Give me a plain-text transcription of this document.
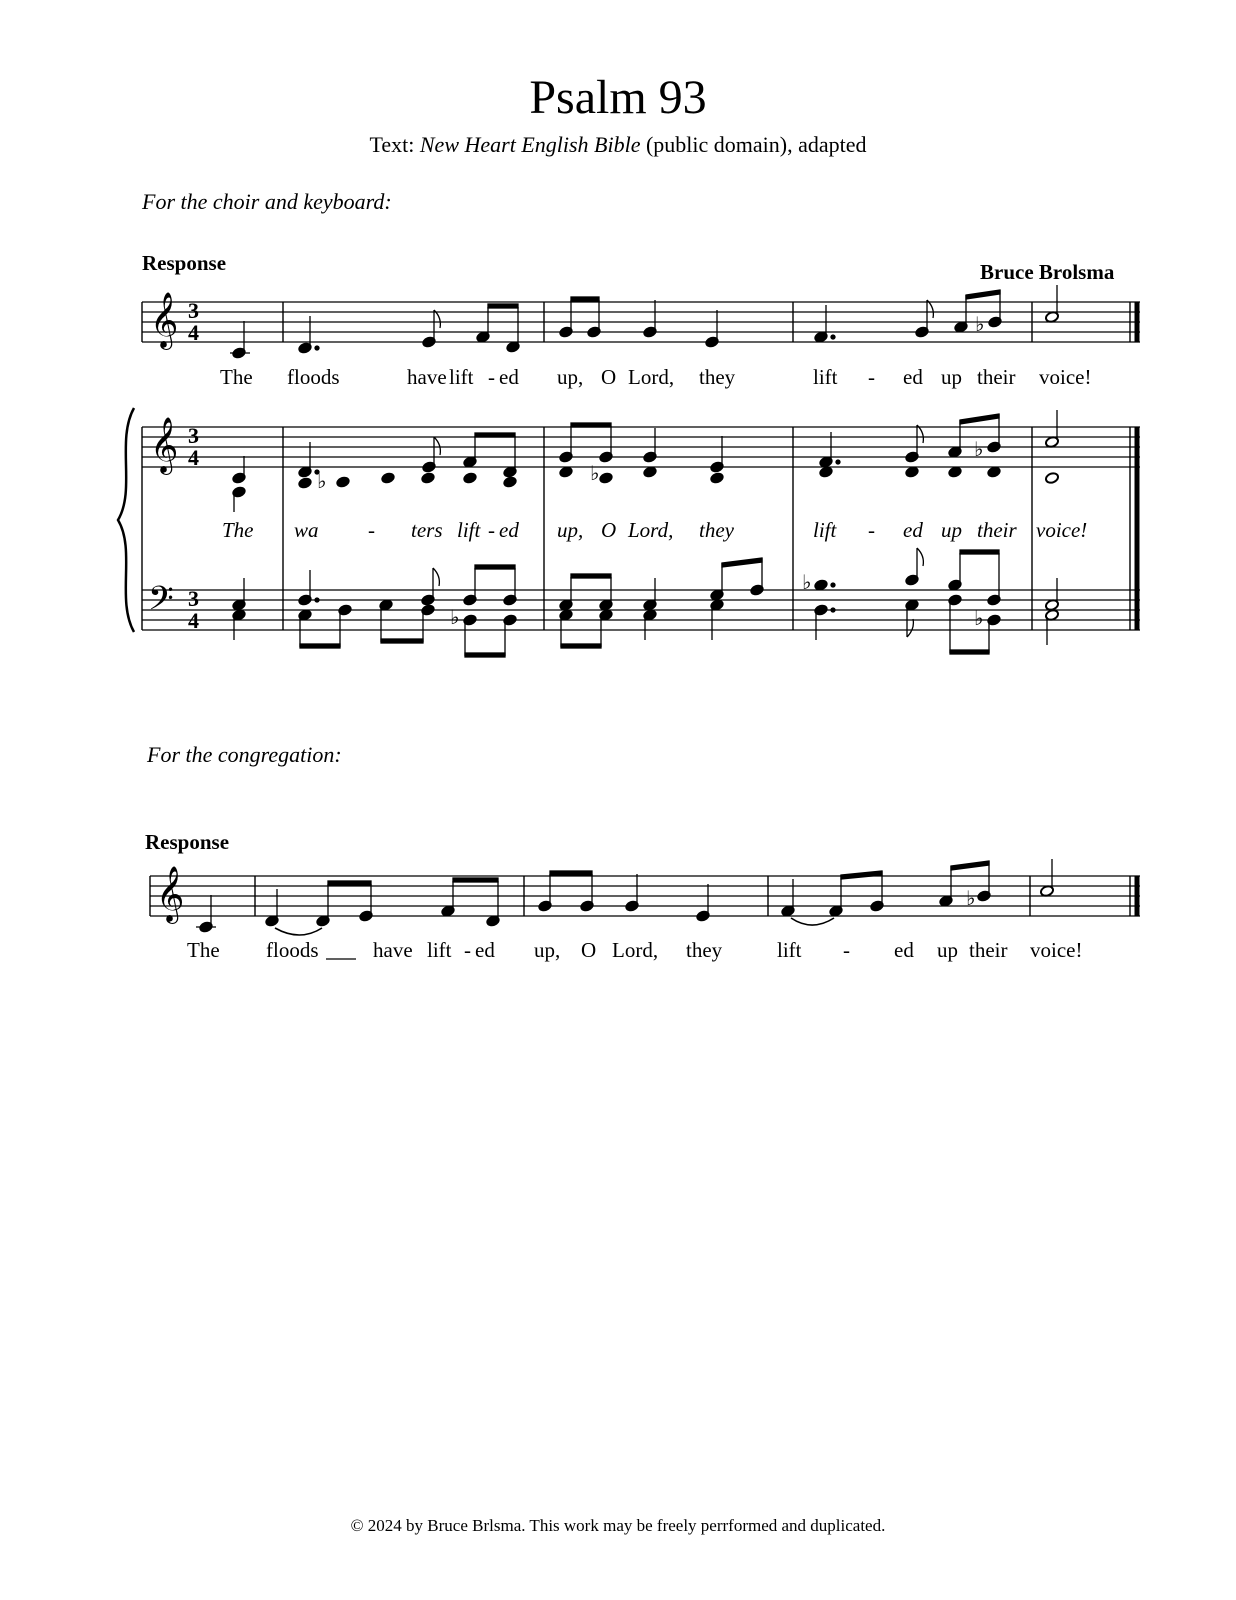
Psalm 93
Text: New Heart English Bible (public domain), adapted
For the choir and keyboard:
Response	Bruce Brolsma
For the congregation:
Response
© 2024 by Bruce Brlsma. This work may be freely perrformed and duplicated.
𝄞 3
4	♭
The floods	have lift - ed up, O Lord, they	lift - ed up their voice!
𝄞 3
4
𝄢 3
4
♭	♭
♭
The wa - ters lift - ed up, O Lord, they	lift - ed up their voice!
♭
♭
♭
𝄞	♭
The floods	have lift - ed up, O Lord, they	lift - ed up their voice!
